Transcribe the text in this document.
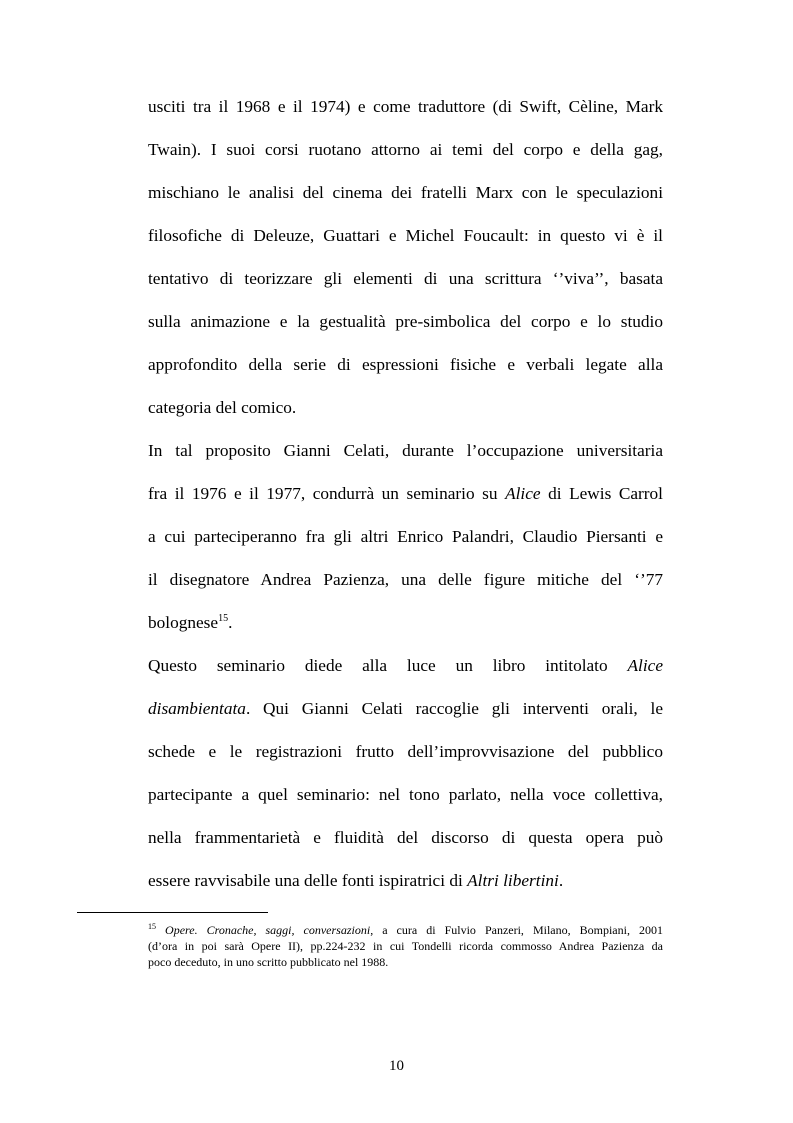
usciti tra il 1968 e il 1974) e come traduttore (di Swift, Cèline, Mark
Twain). I suoi corsi ruotano attorno ai temi del corpo e della gag,
mischiano le analisi del cinema dei fratelli Marx con le speculazioni
filosofiche di Deleuze, Guattari e Michel Foucault: in questo vi è il
tentativo di teorizzare gli elementi di una scrittura ‘’viva’’, basata
sulla animazione e la gestualità pre-simbolica del corpo e lo studio
approfondito della serie di espressioni fisiche e verbali legate alla
categoria del comico.
In tal proposito Gianni Celati, durante l’occupazione universitaria
fra il 1976 e il 1977, condurrà un seminario su Alice di Lewis Carrol
a cui parteciperanno fra gli altri Enrico Palandri, Claudio Piersanti e
il disegnatore Andrea Pazienza, una delle figure mitiche del ‘’77
bolognese$^{15}$.
Questo seminario diede alla luce un libro intitolato Alice
disambientata. Qui Gianni Celati raccoglie gli interventi orali, le
schede e le registrazioni frutto dell’improvvisazione del pubblico
partecipante a quel seminario: nel tono parlato, nella voce collettiva,
nella frammentarietà e fluidità del discorso di questa opera può
essere ravvisabile una delle fonti ispiratrici di Altri libertini.
$^{15}$ Opere. Cronache, saggi, conversazioni, a cura di Fulvio Panzeri, Milano, Bompiani, 2001
(d’ora in poi sarà Opere II), pp.224-232 in cui Tondelli ricorda commosso Andrea Pazienza da
poco deceduto, in uno scritto pubblicato nel 1988.
10
